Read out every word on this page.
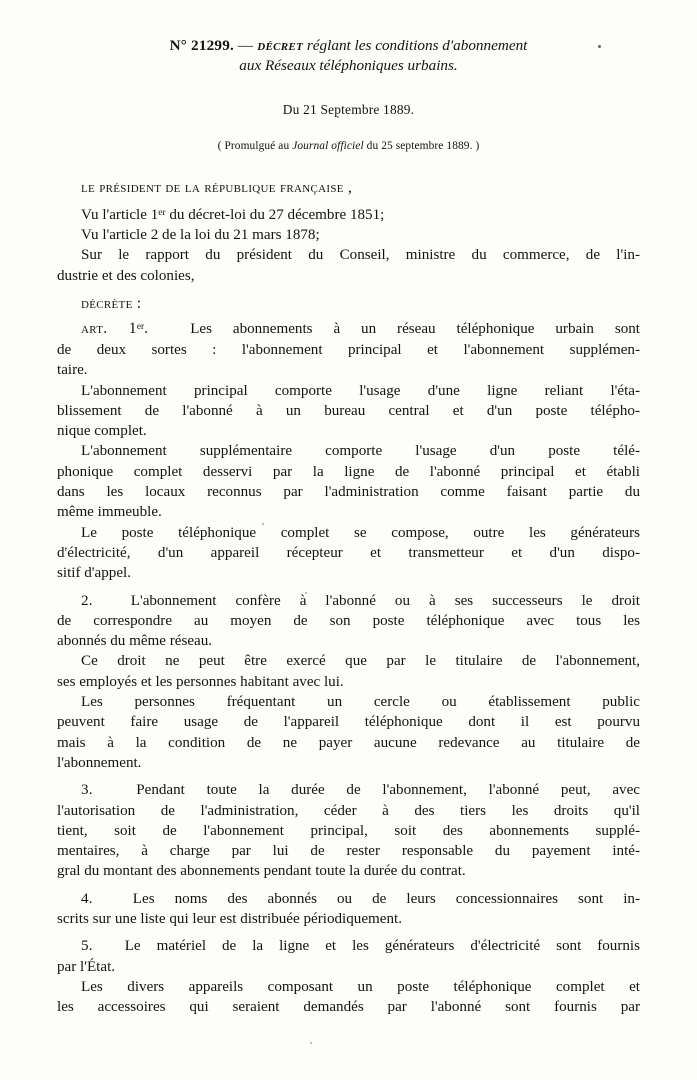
N° 21299. — décret réglant les conditions d'abonnement
aux Réseaux téléphoniques urbains.
Du 21 Septembre 1889.
( Promulgué au Journal officiel du 25 septembre 1889. )
le président de la république française ,
Vu l'article 1er du décret-loi du 27 décembre 1851;
Vu l'article 2 de la loi du 21 mars 1878;

Sur le rapport du président du Conseil, ministre du commerce, de l'in-
dustrie et des colonies,

décrète :

art. 1er.	Les abonnements à un réseau téléphonique urbain sont
de deux sortes : l'abonnement principal et l'abonnement supplémen-
taire.

L'abonnement principal comporte l'usage d'une ligne reliant l'éta-
blissement de l'abonné à un bureau central et d'un poste télépho-
nique complet.

L'abonnement supplémentaire comporte l'usage d'un poste télé-
phonique complet desservi par la ligne de l'abonné principal et établi
dans les locaux reconnus par l'administration comme faisant partie du
même immeuble.

Le poste téléphonique complet se compose, outre les générateurs
d'électricité, d'un appareil récepteur et transmetteur et d'un dispo-
sitif d'appel.

2.	L'abonnement confère à l'abonné ou à ses successeurs le droit
de correspondre au moyen de son poste téléphonique avec tous les
abonnés du même réseau.

Ce droit ne peut être exercé que par le titulaire de l'abonnement,
ses employés et les personnes habitant avec lui.

Les personnes fréquentant un cercle ou établissement public
peuvent faire usage de l'appareil téléphonique dont il est pourvu
mais à la condition de ne payer aucune redevance au titulaire de
l'abonnement.

3.	Pendant toute la durée de l'abonnement, l'abonné peut, avec
l'autorisation de l'administration, céder à des tiers les droits qu'il
tient, soit de l'abonnement principal, soit des abonnements supplé-
mentaires, à charge par lui de rester responsable du payement inté-
gral du montant des abonnements pendant toute la durée du contrat.

4.	Les noms des abonnés ou de leurs concessionnaires sont in-
scrits sur une liste qui leur est distribuée périodiquement.

5. Le matériel de la ligne et les générateurs d'électricité sont fournis
par l'État.

Les divers appareils composant un poste téléphonique complet et
les accessoires qui seraient demandés par l'abonné sont fournis par
